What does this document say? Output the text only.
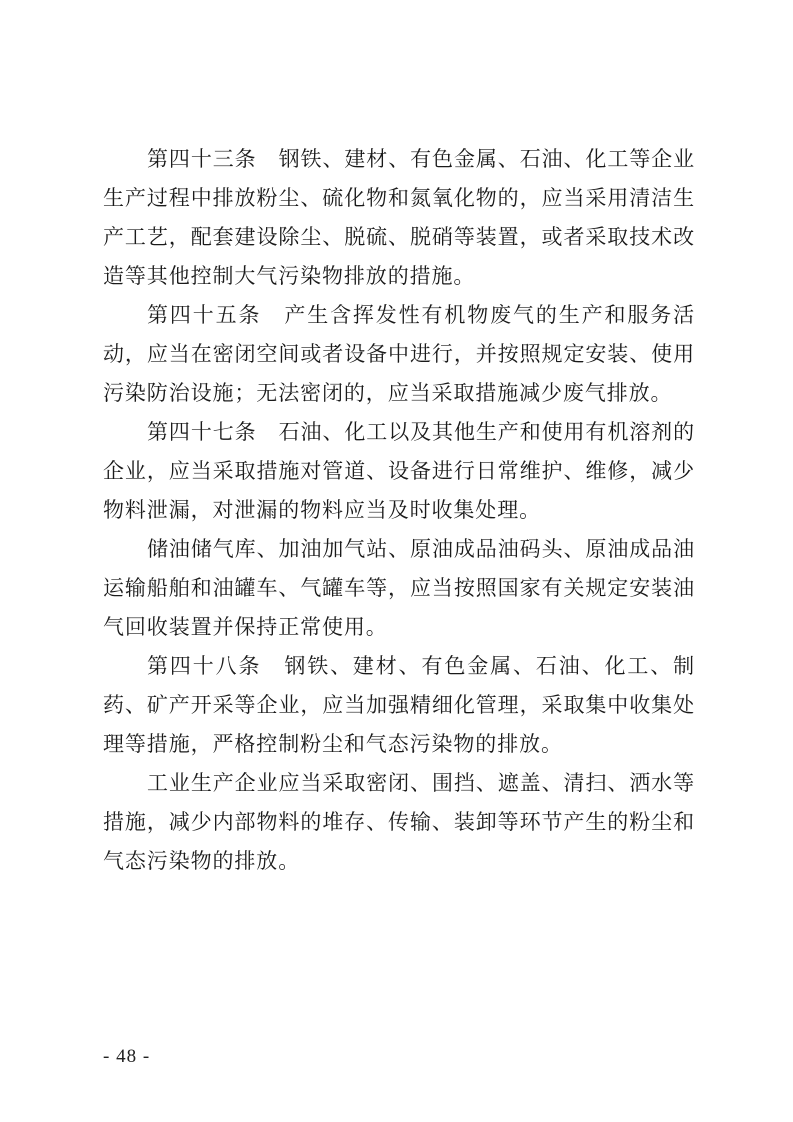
第四十三条 钢铁、建材、有色金属、石油、化工等企业生产过程中排放粉尘、硫化物和氮氧化物的，应当采用清洁生产工艺，配套建设除尘、脱硫、脱硝等装置，或者采取技术改造等其他控制大气污染物排放的措施。

第四十五条 产生含挥发性有机物废气的生产和服务活动，应当在密闭空间或者设备中进行，并按照规定安装、使用污染防治设施；无法密闭的，应当采取措施减少废气排放。

第四十七条 石油、化工以及其他生产和使用有机溶剂的企业，应当采取措施对管道、设备进行日常维护、维修，减少物料泄漏，对泄漏的物料应当及时收集处理。

储油储气库、加油加气站、原油成品油码头、原油成品油运输船舶和油罐车、气罐车等，应当按照国家有关规定安装油气回收装置并保持正常使用。

第四十八条 钢铁、建材、有色金属、石油、化工、制药、矿产开采等企业，应当加强精细化管理，采取集中收集处理等措施，严格控制粉尘和气态污染物的排放。

工业生产企业应当采取密闭、围挡、遮盖、清扫、洒水等措施，减少内部物料的堆存、传输、装卸等环节产生的粉尘和气态污染物的排放。

- 48 -
